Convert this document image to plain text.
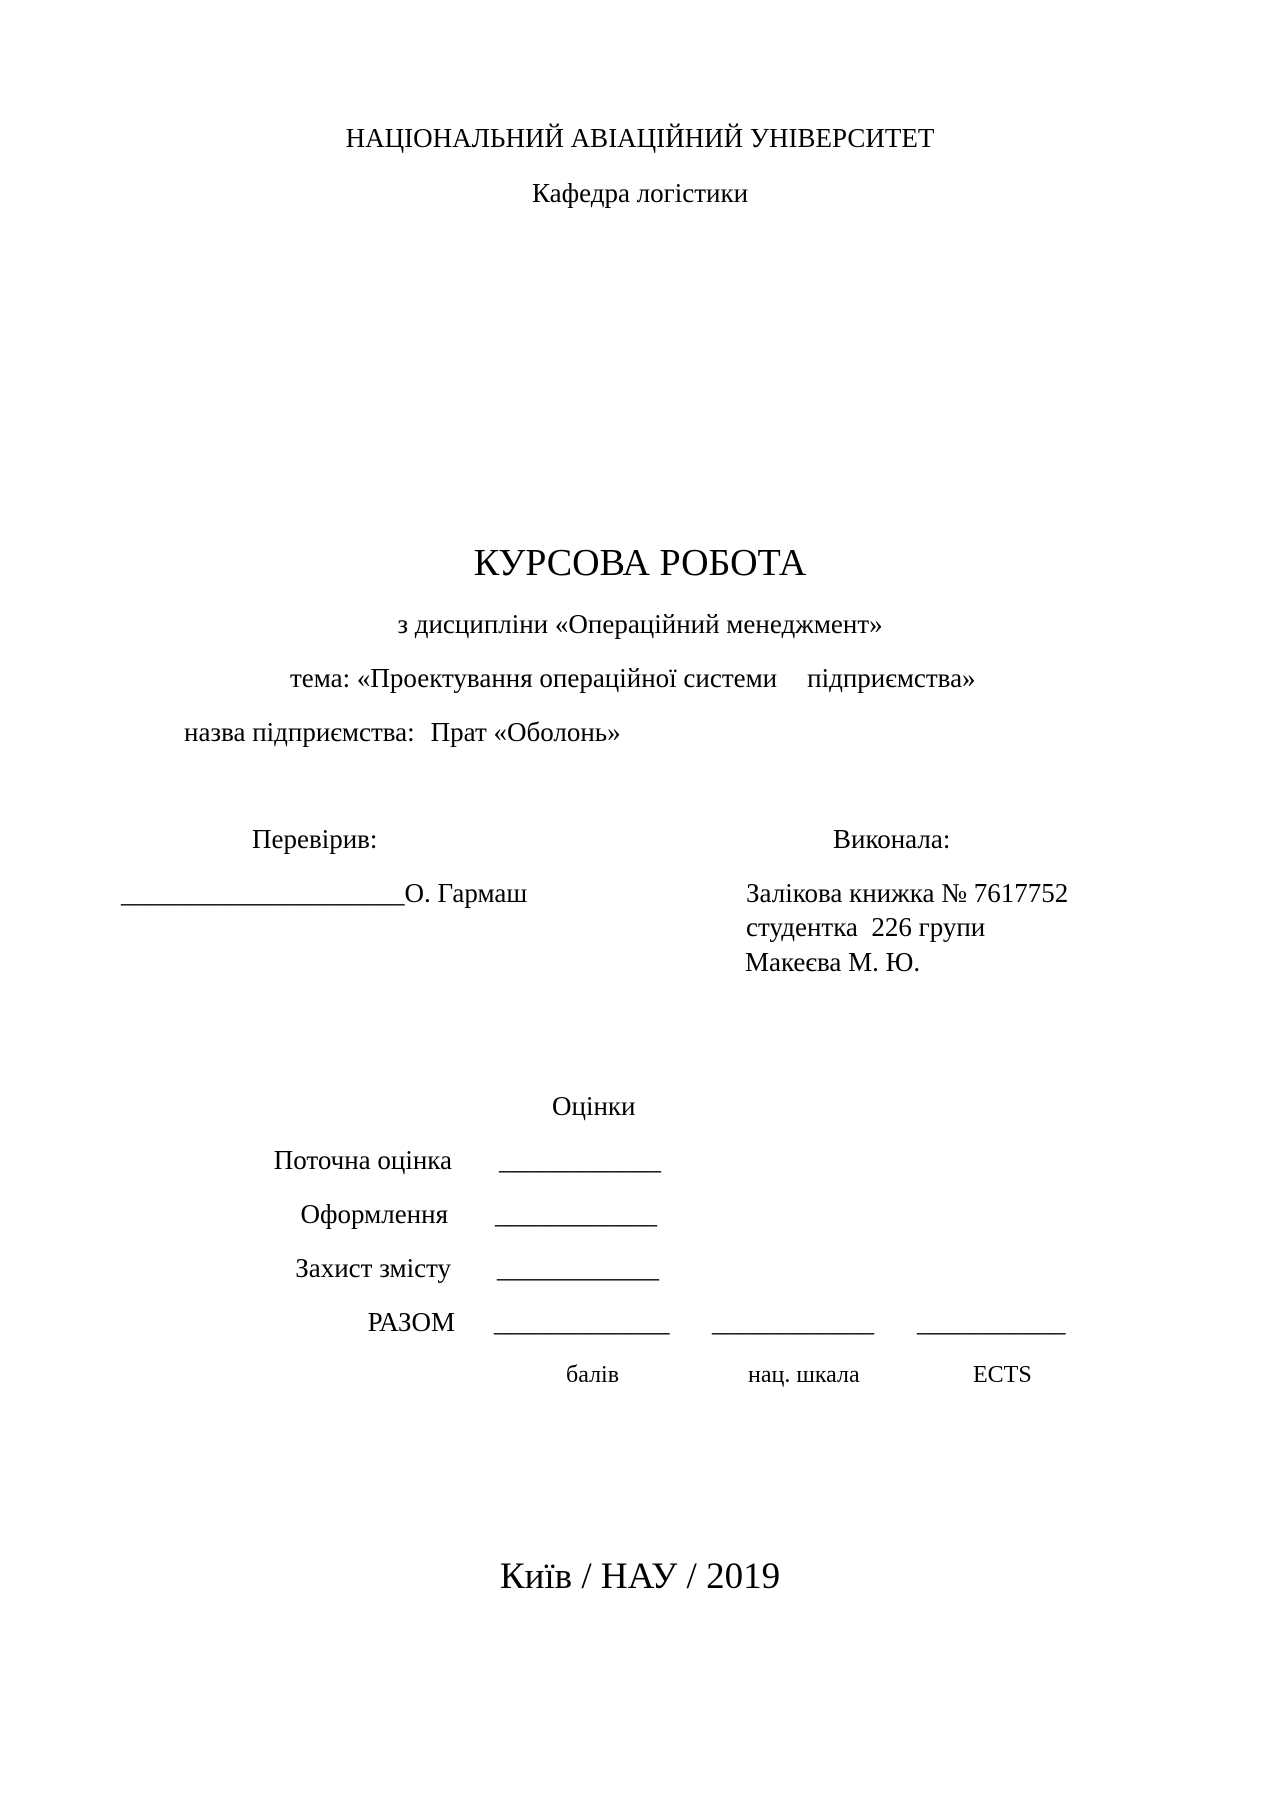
НАЦІОНАЛЬНИЙ АВІАЦІЙНИЙ УНІВЕРСИТЕТ
Кафедра логістики
КУРСОВА РОБОТА
з дисципліни «Операційний менеджмент»
тема: «Проектування операційної системи підприємства»
назва підприємства: Прат «Оболонь»
Перевірив:
_____________________О. Гармаш
Виконала:
Залікова книжка № 7617752
студентка  226 групи
Макеєва М. Ю.
Оцінки
Поточна оцінка ____________
Оформлення ____________
Захист змісту ____________
РАЗОМ _____________ ____________ ___________
балів	нац. шкала	ECTS
Київ / НАУ / 2019
